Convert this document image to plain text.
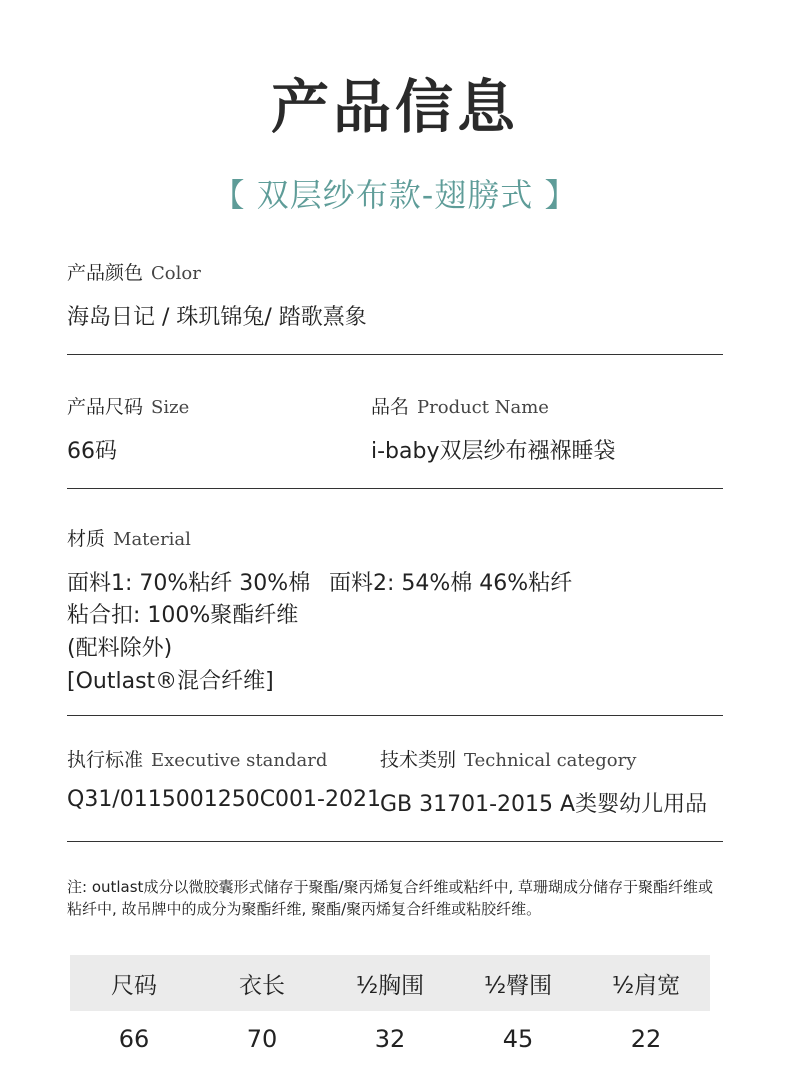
产品信息
【 双层纱布款-翅膀式 】
产品颜色 Color
海岛日记 / 珠玑锦兔/ 踏歌熹象
产品尺码 Size
66码
品名 Product Name
i-baby双层纱布襁褓睡袋
材质 Material
面料1: 70%粘纤 30%棉 面料2: 54%棉 46%粘纤
粘合扣: 100%聚酯纤维
(配料除外)
[Outlast®混合纤维]
执行标准 Executive standard
Q31/0115001250C001-2021
技术类别 Technical category
GB 31701-2015 A类婴幼儿用品
注: outlast成分以微胶囊形式储存于聚酯/聚丙烯复合纤维或粘纤中, 草珊瑚成分储存于聚酯纤维或粘纤中, 故吊牌中的成分为聚酯纤维, 聚酯/聚丙烯复合纤维或粘胶纤维。
尺码	衣长	½胸围	½臀围	½肩宽
66	70	32	45	22
